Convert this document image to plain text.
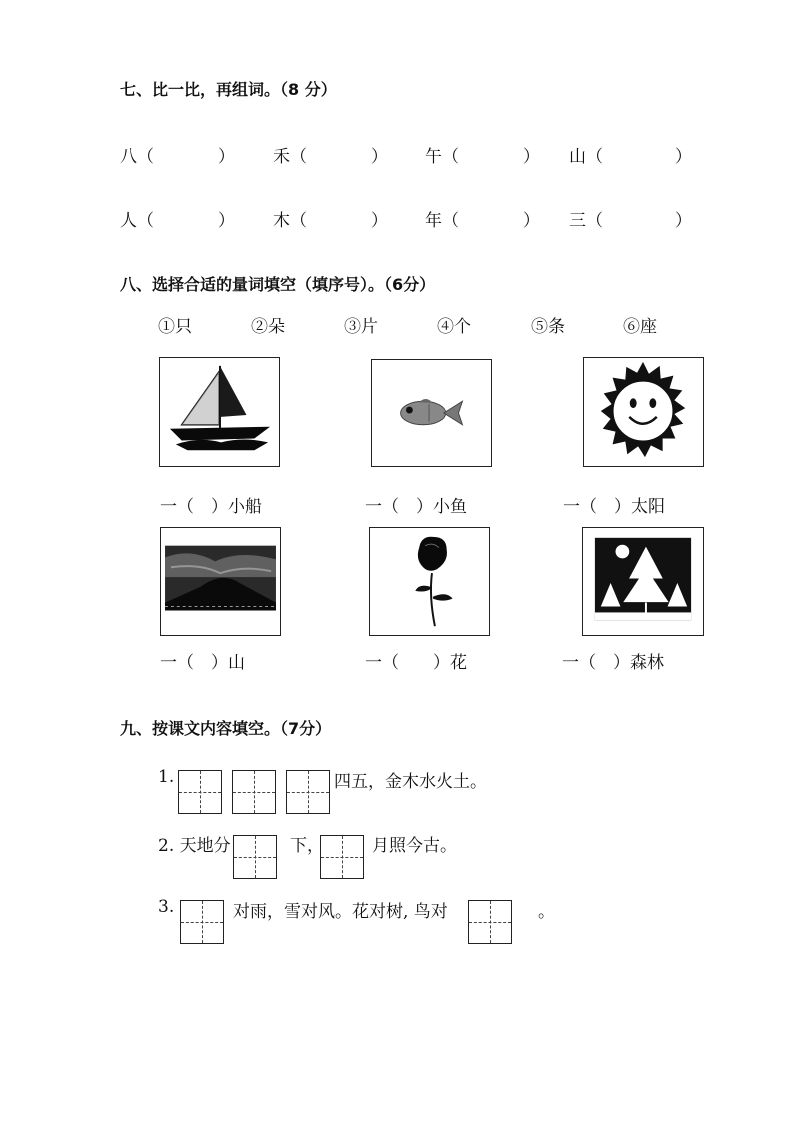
七、比一比，再组词。（8 分）
八（	） 禾（	） 午（	） 山（	）
人（	） 木（	） 年（	） 三（	）
八、选择合适的量词填空（填序号）。（6分）
①只	②朵	③片	④个	⑤条	⑥座
一（　）小船	一（　）小鱼	一（　）太阳
一（　）山	一（　　）花	一（　）森林
九、按课文内容填空。（7分）
1.	四五，金木水火土。
2. 天地分	下，	月照今古。
3.	对雨，雪对风。花对树, 鸟对	。
